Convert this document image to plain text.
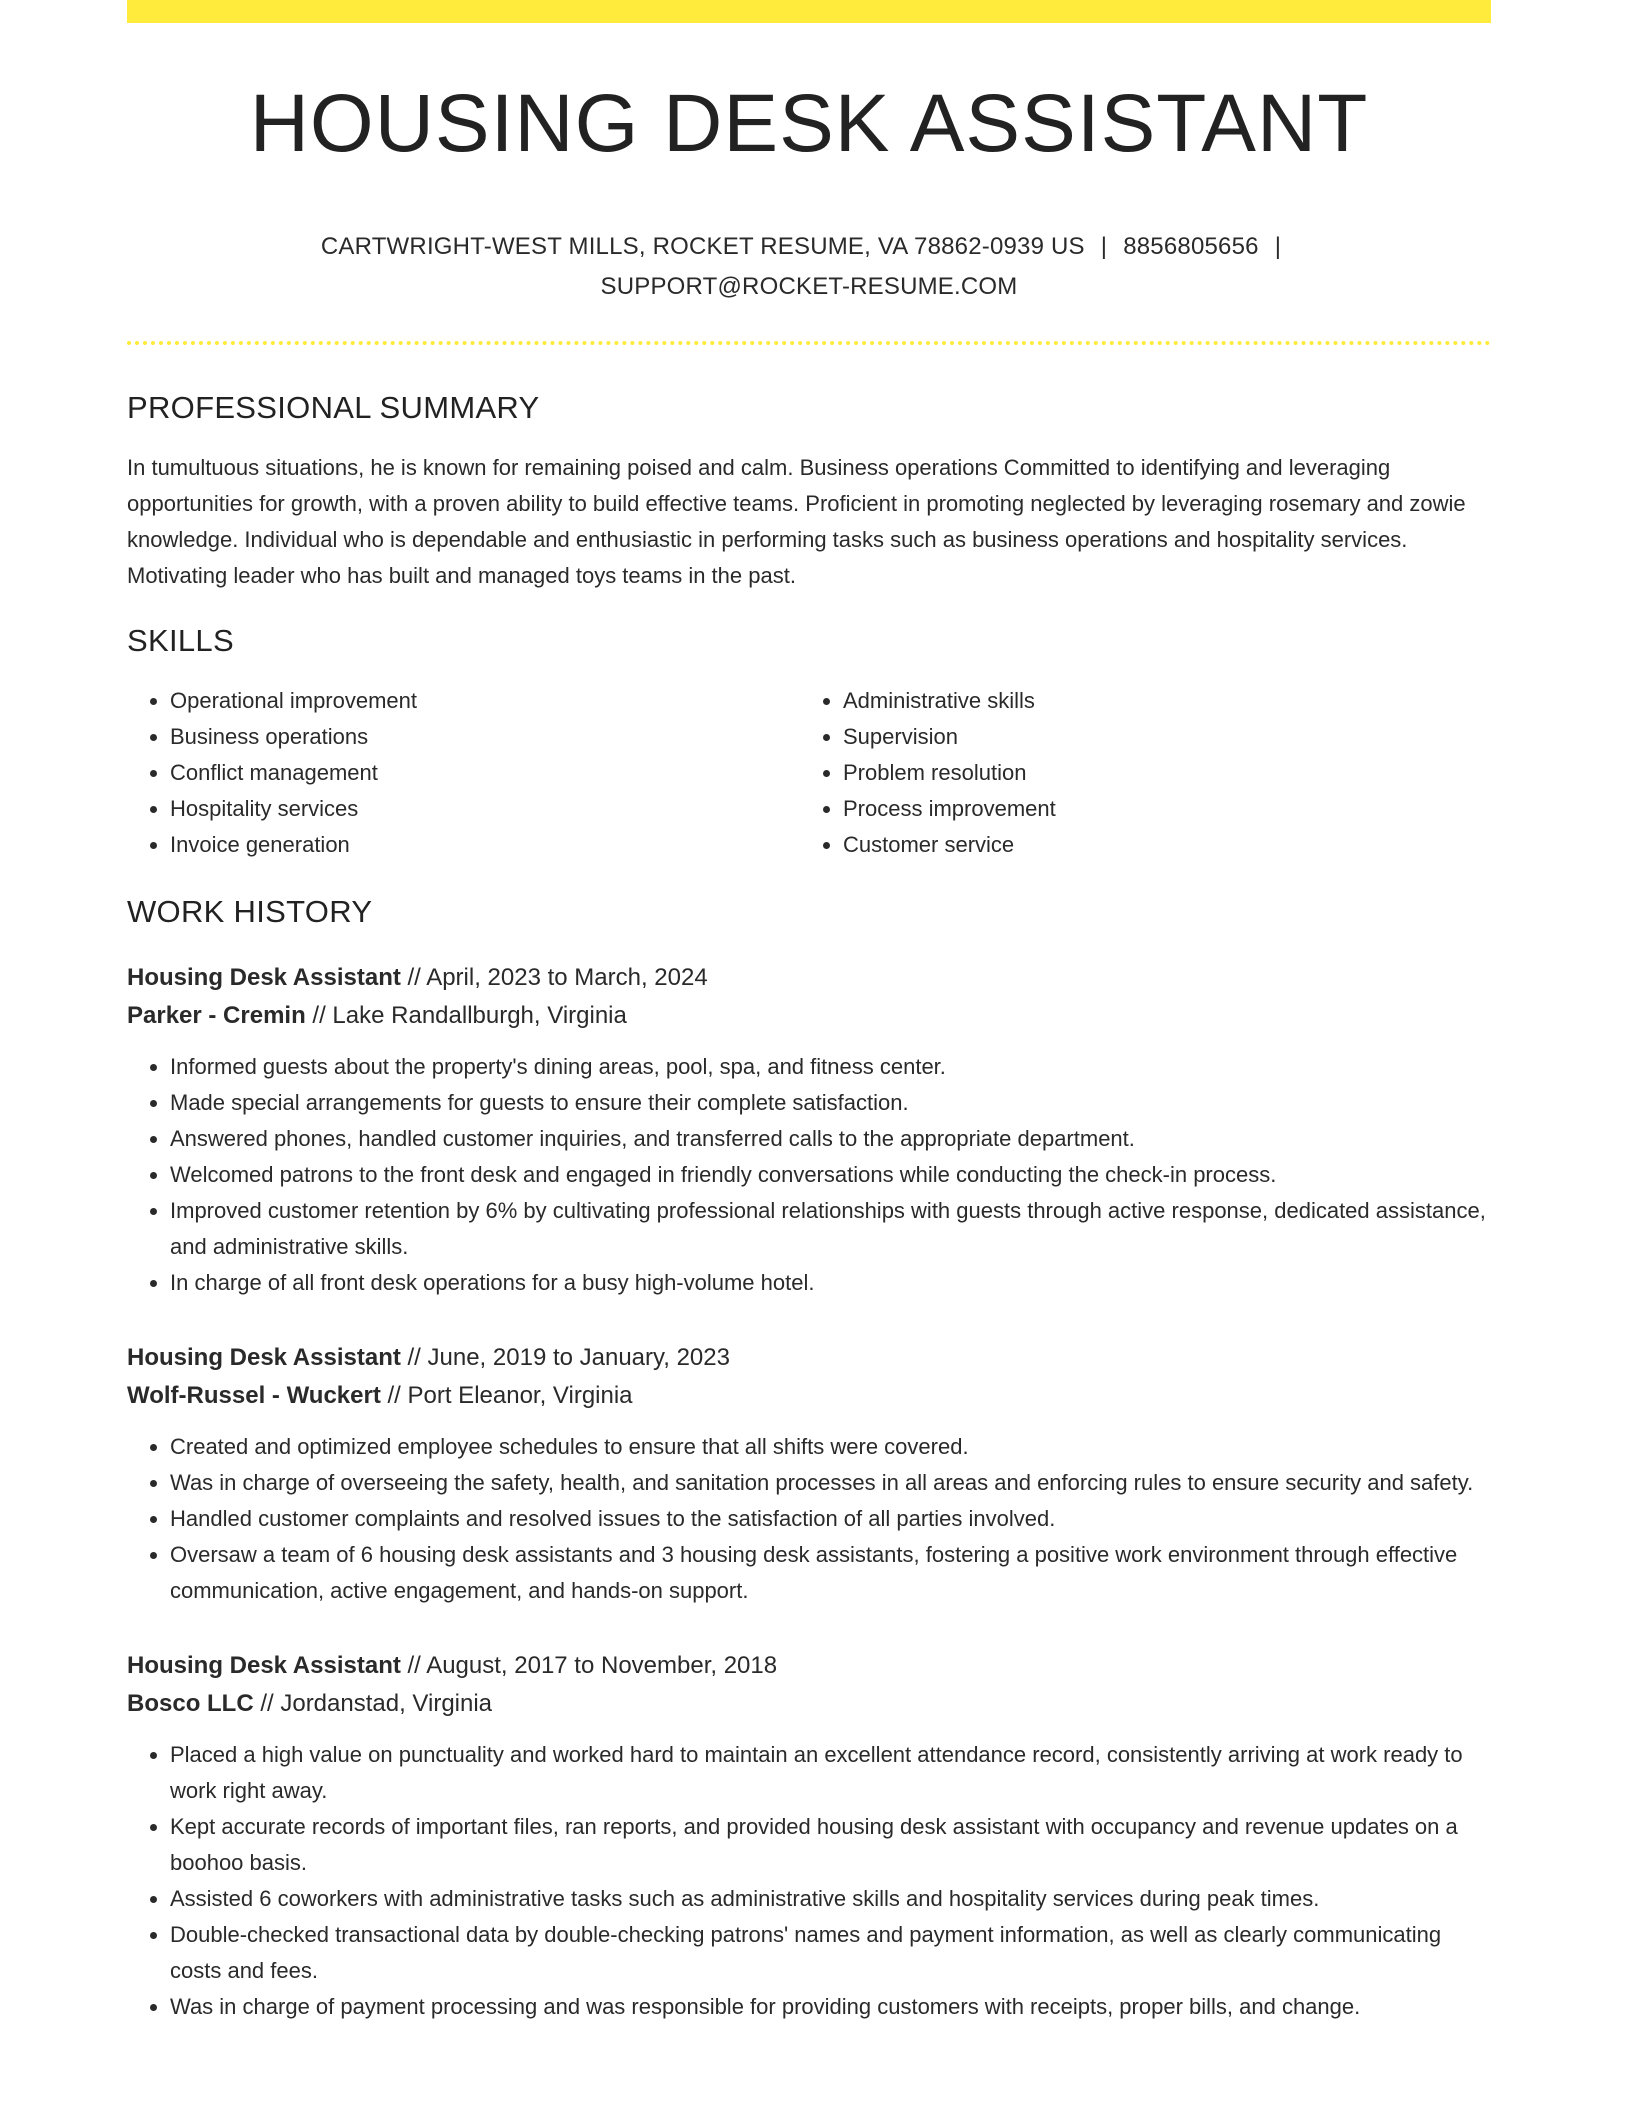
HOUSING DESK ASSISTANT
CARTWRIGHT-WEST MILLS, ROCKET RESUME, VA 78862-0939 US | 8856805656 |
SUPPORT@ROCKET-RESUME.COM
PROFESSIONAL SUMMARY

In tumultuous situations, he is known for remaining poised and calm. Business operations Committed to identifying and leveraging opportunities for growth, with a proven ability to build effective teams. Proficient in promoting neglected by leveraging rosemary and zowie knowledge. Individual who is dependable and enthusiastic in performing tasks such as business operations and hospitality services. Motivating leader who has built and managed toys teams in the past.

SKILLS
• Operational improvement
• Business operations
• Conflict management
• Hospitality services
• Invoice generation
• Administrative skills
• Supervision
• Problem resolution
• Process improvement
• Customer service
WORK HISTORY
Housing Desk Assistant // April, 2023 to March, 2024
Parker - Cremin // Lake Randallburgh, Virginia
• Informed guests about the property's dining areas, pool, spa, and fitness center.
• Made special arrangements for guests to ensure their complete satisfaction.
• Answered phones, handled customer inquiries, and transferred calls to the appropriate department.
• Welcomed patrons to the front desk and engaged in friendly conversations while conducting the check-in process.
• Improved customer retention by 6% by cultivating professional relationships with guests through active response, dedicated assistance, and administrative skills.
• In charge of all front desk operations for a busy high-volume hotel.
Housing Desk Assistant // June, 2019 to January, 2023
Wolf-Russel - Wuckert // Port Eleanor, Virginia
• Created and optimized employee schedules to ensure that all shifts were covered.
• Was in charge of overseeing the safety, health, and sanitation processes in all areas and enforcing rules to ensure security and safety.
• Handled customer complaints and resolved issues to the satisfaction of all parties involved.
• Oversaw a team of 6 housing desk assistants and 3 housing desk assistants, fostering a positive work environment through effective communication, active engagement, and hands-on support.
Housing Desk Assistant // August, 2017 to November, 2018
Bosco LLC // Jordanstad, Virginia
• Placed a high value on punctuality and worked hard to maintain an excellent attendance record, consistently arriving at work ready to work right away.
• Kept accurate records of important files, ran reports, and provided housing desk assistant with occupancy and revenue updates on a boohoo basis.
• Assisted 6 coworkers with administrative tasks such as administrative skills and hospitality services during peak times.
• Double-checked transactional data by double-checking patrons' names and payment information, as well as clearly communicating costs and fees.
• Was in charge of payment processing and was responsible for providing customers with receipts, proper bills, and change.
